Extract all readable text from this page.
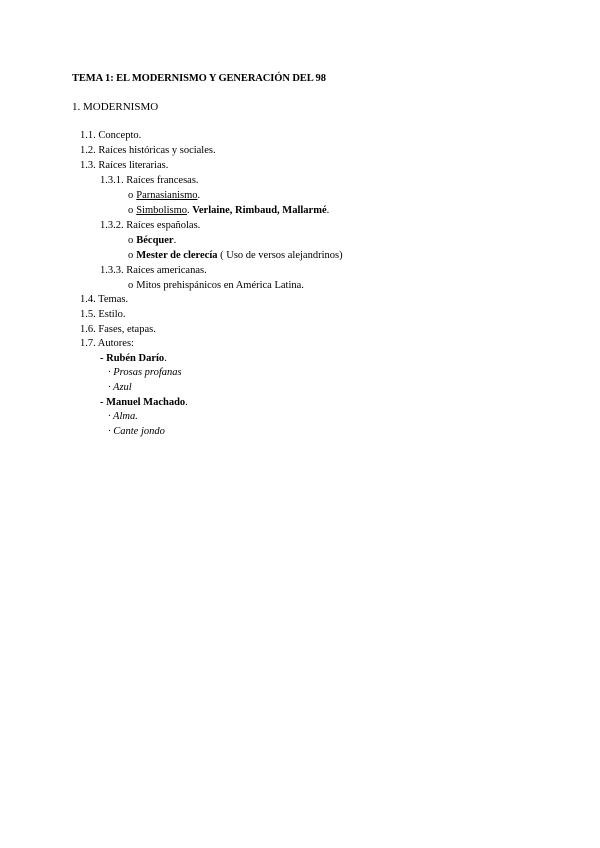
TEMA 1: EL MODERNISMO Y GENERACIÓN DEL 98
1. MODERNISMO
1.1. Concepto.
1.2. Raíces históricas y sociales.
1.3. Raíces literarias.
1.3.1. Raíces francesas.
o Parnasianismo.
o Simbolismo. Verlaine, Rimbaud, Mallarmé.
1.3.2. Raíces españolas.
o Bécquer.
o Mester de clerecía ( Uso de versos alejandrinos)
1.3.3. Raíces americanas.
o Mitos prehispánicos en América Latina.
1.4. Temas.
1.5. Estilo.
1.6. Fases, etapas.
1.7. Autores:
- Rubén Darío.
· Prosas profanas
· Azul
- Manuel Machado.
· Alma.
· Cante jondo
